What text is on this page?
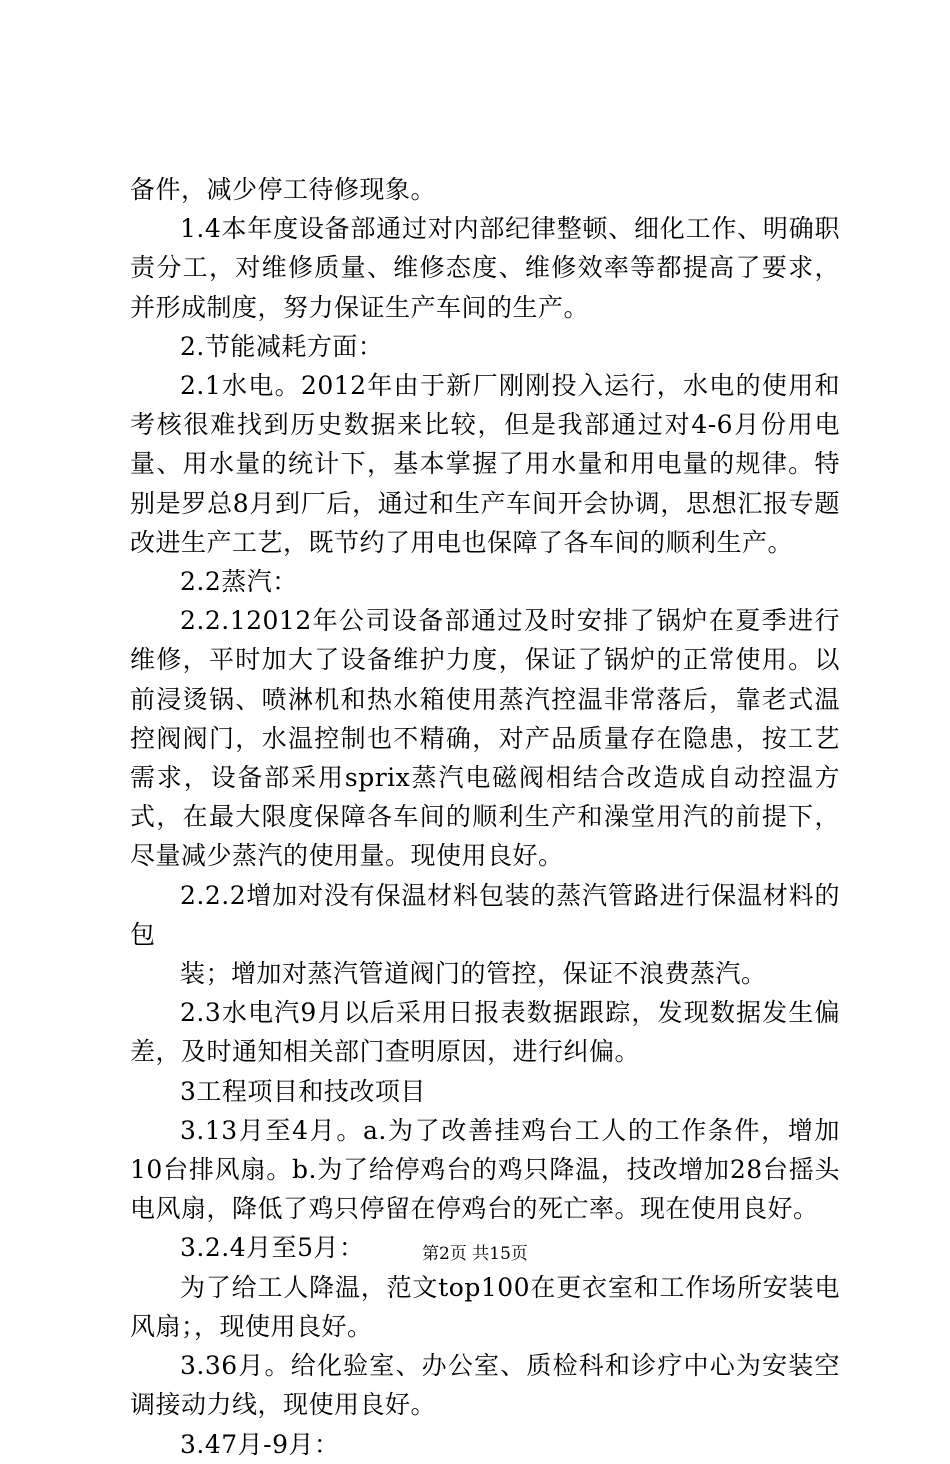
备件，减少停工待修现象。

1.4本年度设备部通过对内部纪律整顿、细化工作、明确职责分工，对维修质量、维修态度、维修效率等都提高了要求，并形成制度，努力保证生产车间的生产。

2.节能减耗方面：

2.1水电。2012年由于新厂刚刚投入运行，水电的使用和考核很难找到历史数据来比较，但是我部通过对4-6月份用电量、用水量的统计下，基本掌握了用水量和用电量的规律。特别是罗总8月到厂后，通过和生产车间开会协调，思想汇报专题改进生产工艺，既节约了用电也保障了各车间的顺利生产。

2.2蒸汽：

2.2.12012年公司设备部通过及时安排了锅炉在夏季进行维修，平时加大了设备维护力度，保证了锅炉的正常使用。以前浸烫锅、喷淋机和热水箱使用蒸汽控温非常落后，靠老式温控阀阀门，水温控制也不精确，对产品质量存在隐患，按工艺需求，设备部采用sprix蒸汽电磁阀相结合改造成自动控温方式，在最大限度保障各车间的顺利生产和澡堂用汽的前提下，尽量减少蒸汽的使用量。现使用良好。

2.2.2增加对没有保温材料包装的蒸汽管路进行保温材料的包

装；增加对蒸汽管道阀门的管控，保证不浪费蒸汽。

2.3水电汽9月以后采用日报表数据跟踪，发现数据发生偏差，及时通知相关部门查明原因，进行纠偏。

3工程项目和技改项目

3.13月至4月。a.为了改善挂鸡台工人的工作条件，增加10台排风扇。b.为了给停鸡台的鸡只降温，技改增加28台摇头电风扇，降低了鸡只停留在停鸡台的死亡率。现在使用良好。

3.2.4月至5月：

为了给工人降温，范文top100在更衣室和工作场所安装电风扇；，现使用良好。

3.36月。给化验室、办公室、质检科和诊疗中心为安装空调接动力线，现使用良好。

3.47月-9月：

第2页 共15页
